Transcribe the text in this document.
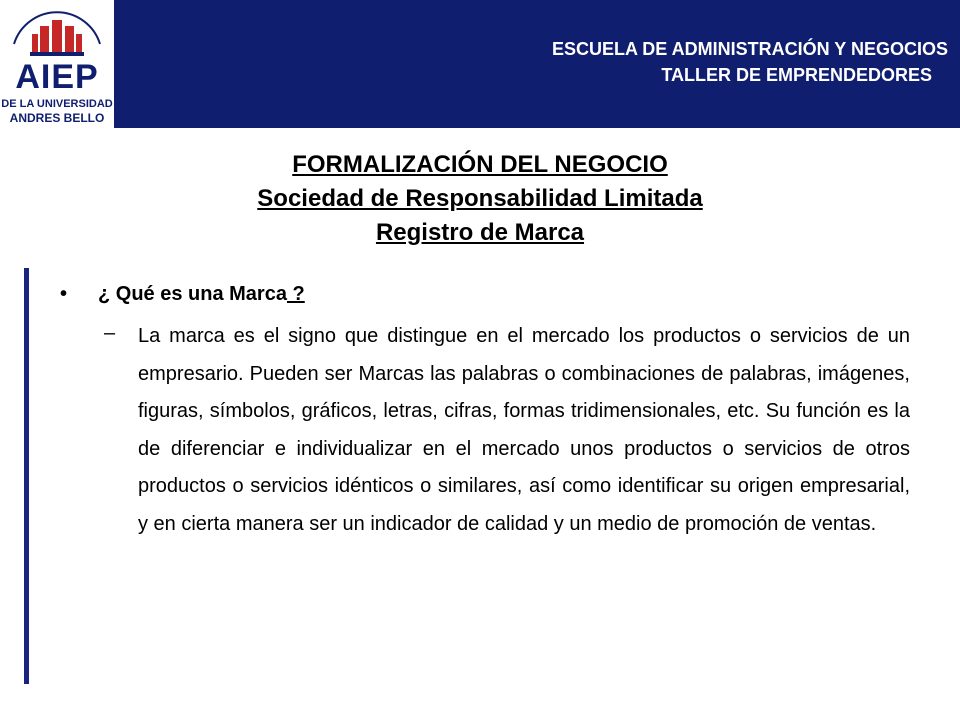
AIEP
DE LA UNIVERSIDAD
ANDRES BELLO
ESCUELA DE ADMINISTRACIÓN Y NEGOCIOS
TALLER DE EMPRENDEDORES
FORMALIZACIÓN DEL NEGOCIO
Sociedad de Responsabilidad Limitada
Registro de Marca
• ¿ Qué es una Marca ?
– La marca es el signo que distingue en el mercado los productos o servicios de un empresario. Pueden ser Marcas las palabras o combinaciones de palabras, imágenes, figuras, símbolos, gráficos, letras, cifras, formas tridimensionales, etc. Su función es la de diferenciar e individualizar en el mercado unos productos o servicios de otros productos o servicios idénticos o similares, así como identificar su origen empresarial, y en cierta manera ser un indicador de calidad y un medio de promoción de ventas.
